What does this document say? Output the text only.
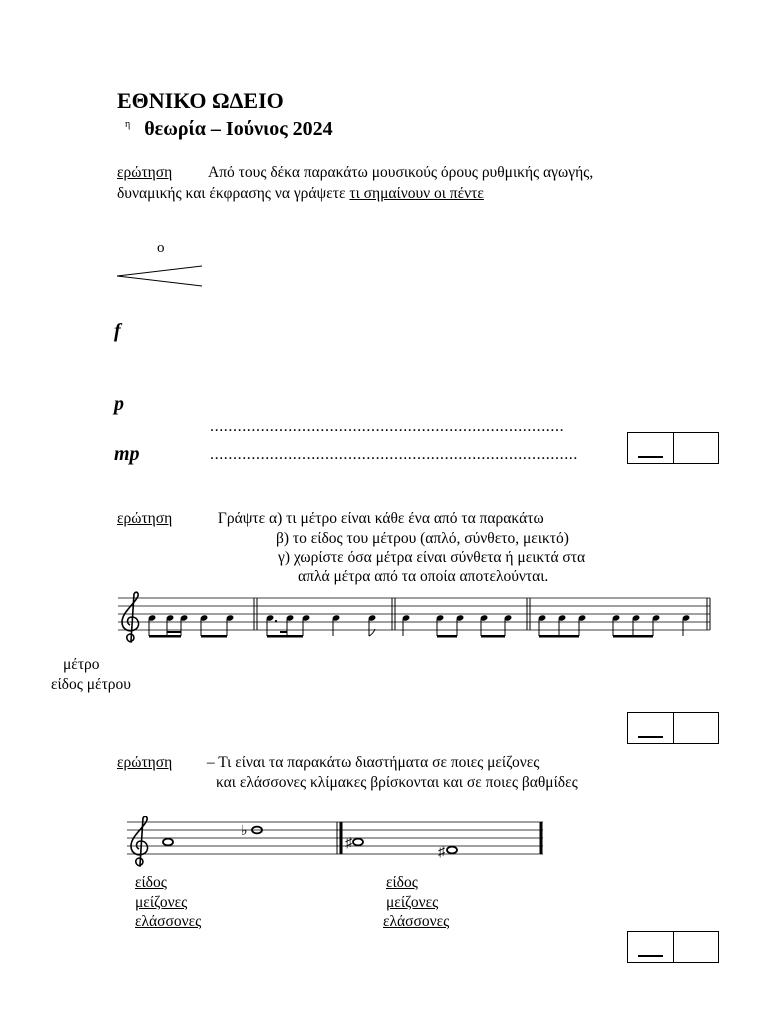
ΕΘΝΙΚΟ ΩΔΕΙΟ
$^\eta$ θεωρία – Ιούνιος 2024
ερώτηση Από τους δέκα παρακάτω μουσικούς όρους ρυθμικής αγωγής,
δυναμικής και έκφρασης να γράψετε τι σημαίνουν οι πέντε
o
f
p
mp
.............................................................................
................................................................................
ερώτηση	Γράψτε α) τι μέτρο είναι κάθε ένα από τα παρακάτω
β) το είδος του μέτρου (απλό, σύνθετο, μεικτό)
γ) χωρίστε όσα μέτρα είναι σύνθετα ή μεικτά στα
απλά μέτρα από τα οποία αποτελούνται.
μέτρο
είδος μέτρου
ερώτηση – Τι είναι τα παρακάτω διαστήματα σε ποιες μείζονες
και ελάσσονες κλίμακες βρίσκονται και σε ποιες βαθμίδες
♭
♯
♯
είδος
μείζονες
ελάσσονες
είδος
μείζονες
ελάσσονες
